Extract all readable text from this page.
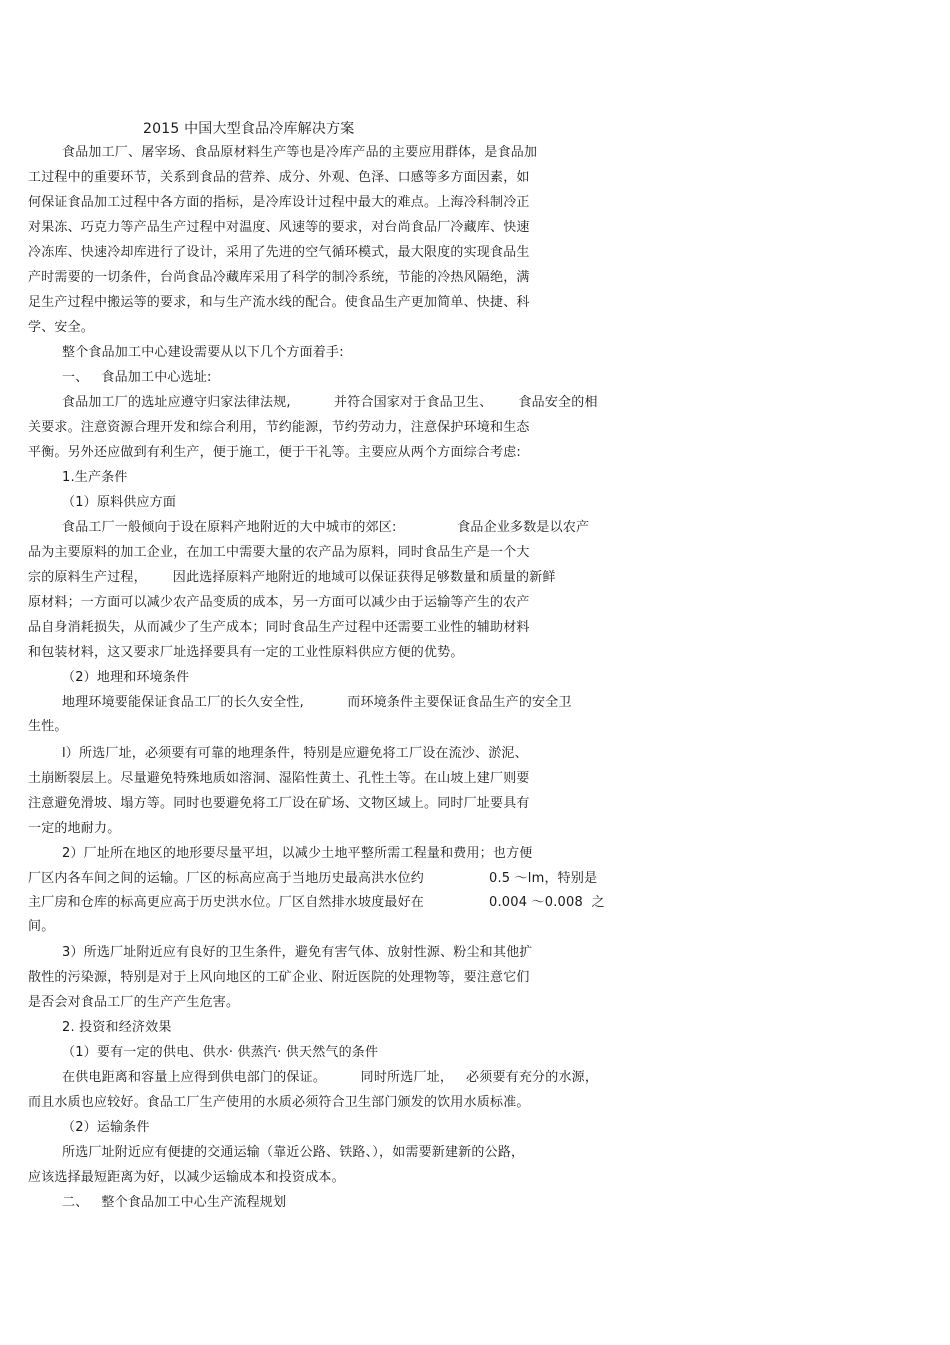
2015 中国大型食品冷库解决方案
食品加工厂、屠宰场、食品原材料生产等也是冷库产品的主要应用群体，是食品加
工过程中的重要环节，关系到食品的营养、成分、外观、色泽、口感等多方面因素，如
何保证食品加工过程中各方面的指标，是冷库设计过程中最大的难点。上海冷科制冷正
对果冻、巧克力等产品生产过程中对温度、风速等的要求，对台尚食品厂冷藏库、快速
冷冻库、快速冷却库进行了设计，采用了先进的空气循环模式，最大限度的实现食品生
产时需要的一切条件，台尚食品冷藏库采用了科学的制冷系统，节能的冷热风隔绝，满
足生产过程中搬运等的要求，和与生产流水线的配合。使食品生产更加简单、快捷、科
学、安全。
整个食品加工中心建设需要从以下几个方面着手:
一、   食品加工中心选址:
食品加工厂的选址应遵守归家法律法规,          并符合国家对于食品卫生、      食品安全的相
关要求。注意资源合理开发和综合利用，节约能源，节约劳动力，注意保护环境和生态
平衡。另外还应做到有利生产，便于施工，便于干礼等。主要应从两个方面综合考虑:
1.生产条件
（1）原料供应方面
食品工厂一般倾向于设在原料产地附近的大中城市的郊区:              食品企业多数是以农产
品为主要原料的加工企业，在加工中需要大量的农产品为原料，同时食品生产是一个大
宗的原料生产过程，      因此选择原料产地附近的地域可以保证获得足够数量和质量的新鲜
原材料；一方面可以减少农产品变质的成本，另一方面可以减少由于运输等产生的农产
品自身消耗损失，从而减少了生产成本；同时食品生产过程中还需要工业性的辅助材料
和包装材料，这又要求厂址选择要具有一定的工业性原料供应方便的优势。
（2）地理和环境条件
地理环境要能保证食品工厂的长久安全性,          而环境条件主要保证食品生产的安全卫
生性。
l）所选厂址，必须要有可靠的地理条件，特别是应避免将工厂设在流沙、淤泥、
土崩断裂层上。尽量避免特殊地质如溶洞、湿陷性黄土、孔性土等。在山坡上建厂则要
注意避免滑坡、塌方等。同时也要避免将工厂设在矿场、文物区域上。同时厂址要具有
一定的地耐力。
2）厂址所在地区的地形要尽量平坦，以减少土地平整所需工程量和费用；也方便
厂区内各车间之间的运输。厂区的标高应高于当地历史最高洪水位约               0.5 ～lm，特别是
主厂房和仓库的标高更应高于历史洪水位。厂区自然排水坡度最好在               0.004 ～0.008  之
间。
3）所选厂址附近应有良好的卫生条件，避免有害气体、放射性源、粉尘和其他扩
散性的污染源，特别是对于上风向地区的工矿企业、附近医院的处理物等，要注意它们
是否会对食品工厂的生产产生危害。
2. 投资和经济效果
（1）要有一定的供电、供水· 供蒸汽· 供天然气的条件
在供电距离和容量上应得到供电部门的保证。        同时所选厂址，   必须要有充分的水源，
而且水质也应较好。食品工厂生产使用的水质必须符合卫生部门颁发的饮用水质标准。
（2）运输条件
所选厂址附近应有便捷的交通运输（靠近公路、铁路、），如需要新建新的公路，
应该选择最短距离为好，以减少运输成本和投资成本。
二、   整个食品加工中心生产流程规划
